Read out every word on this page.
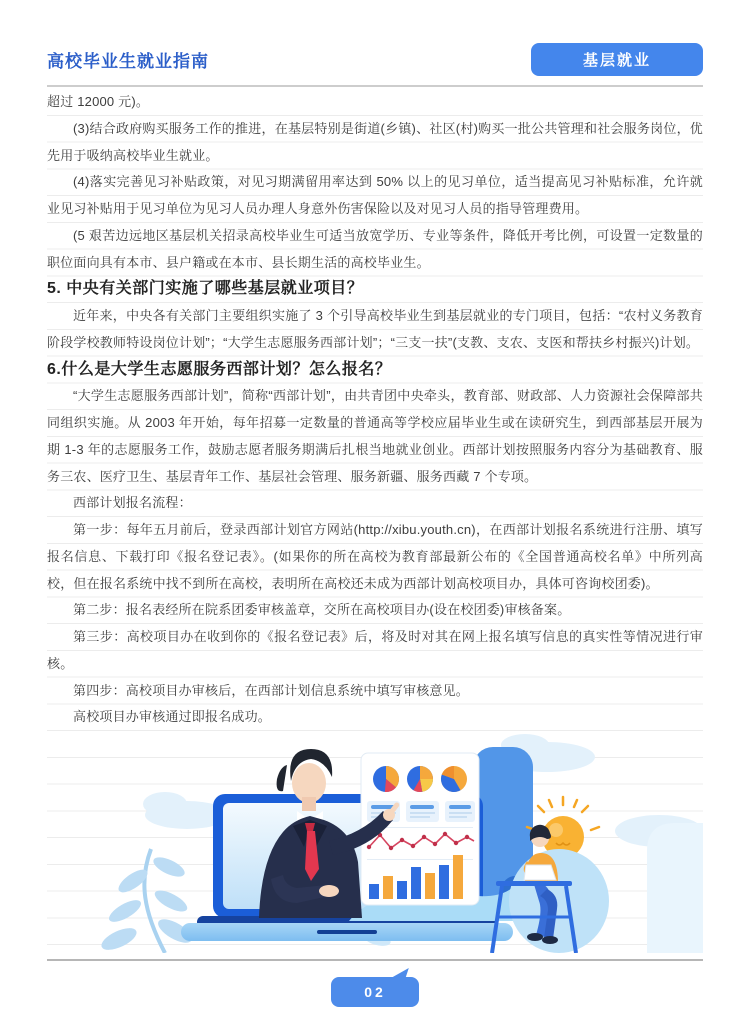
高校毕业生就业指南	基层就业

超过 12000 元)。

(3)结合政府购买服务工作的推进，在基层特别是街道(乡镇)、社区(村)购买一批公共管理和社会服务岗位，优先用于吸纳高校毕业生就业。

(4)落实完善见习补贴政策，对见习期满留用率达到 50% 以上的见习单位，适当提高见习补贴标准，允许就业见习补贴用于见习单位为见习人员办理人身意外伤害保险以及对见习人员的指导管理费用。

(5 艰苦边远地区基层机关招录高校毕业生可适当放宽学历、专业等条件，降低开考比例，可设置一定数量的职位面向具有本市、县户籍或在本市、县长期生活的高校毕业生。

5. 中央有关部门实施了哪些基层就业项目？

近年来，中央各有关部门主要组织实施了 3 个引导高校毕业生到基层就业的专门项目，包括：“农村义务教育阶段学校教师特设岗位计划”；“大学生志愿服务西部计划”；“三支一扶”(支教、支农、支医和帮扶乡村振兴)计划。

6.什么是大学生志愿服务西部计划？怎么报名？

“大学生志愿服务西部计划”，简称“西部计划”，由共青团中央牵头，教育部、财政部、人力资源社会保障部共同组织实施。从 2003 年开始，每年招募一定数量的普通高等学校应届毕业生或在读研究生，到西部基层开展为期 1-3 年的志愿服务工作，鼓励志愿者服务期满后扎根当地就业创业。西部计划按照服务内容分为基础教育、服务三农、医疗卫生、基层青年工作、基层社会管理、服务新疆、服务西藏 7 个专项。

西部计划报名流程：

第一步：每年五月前后，登录西部计划官方网站(http://xibu.youth.cn)，在西部计划报名系统进行注册、填写报名信息、下载打印《报名登记表》。(如果你的所在高校为教育部最新公布的《全国普通高校名单》中所列高校，但在报名系统中找不到所在高校，表明所在高校还未成为西部计划高校项目办，具体可咨询校团委)。

第二步：报名表经所在院系团委审核盖章，交所在高校项目办(设在校团委)审核备案。

第三步：高校项目办在收到你的《报名登记表》后，将及时对其在网上报名填写信息的真实性等情况进行审核。

第四步：高校项目办审核后，在西部计划信息系统中填写审核意见。

高校项目办审核通过即报名成功。

02
